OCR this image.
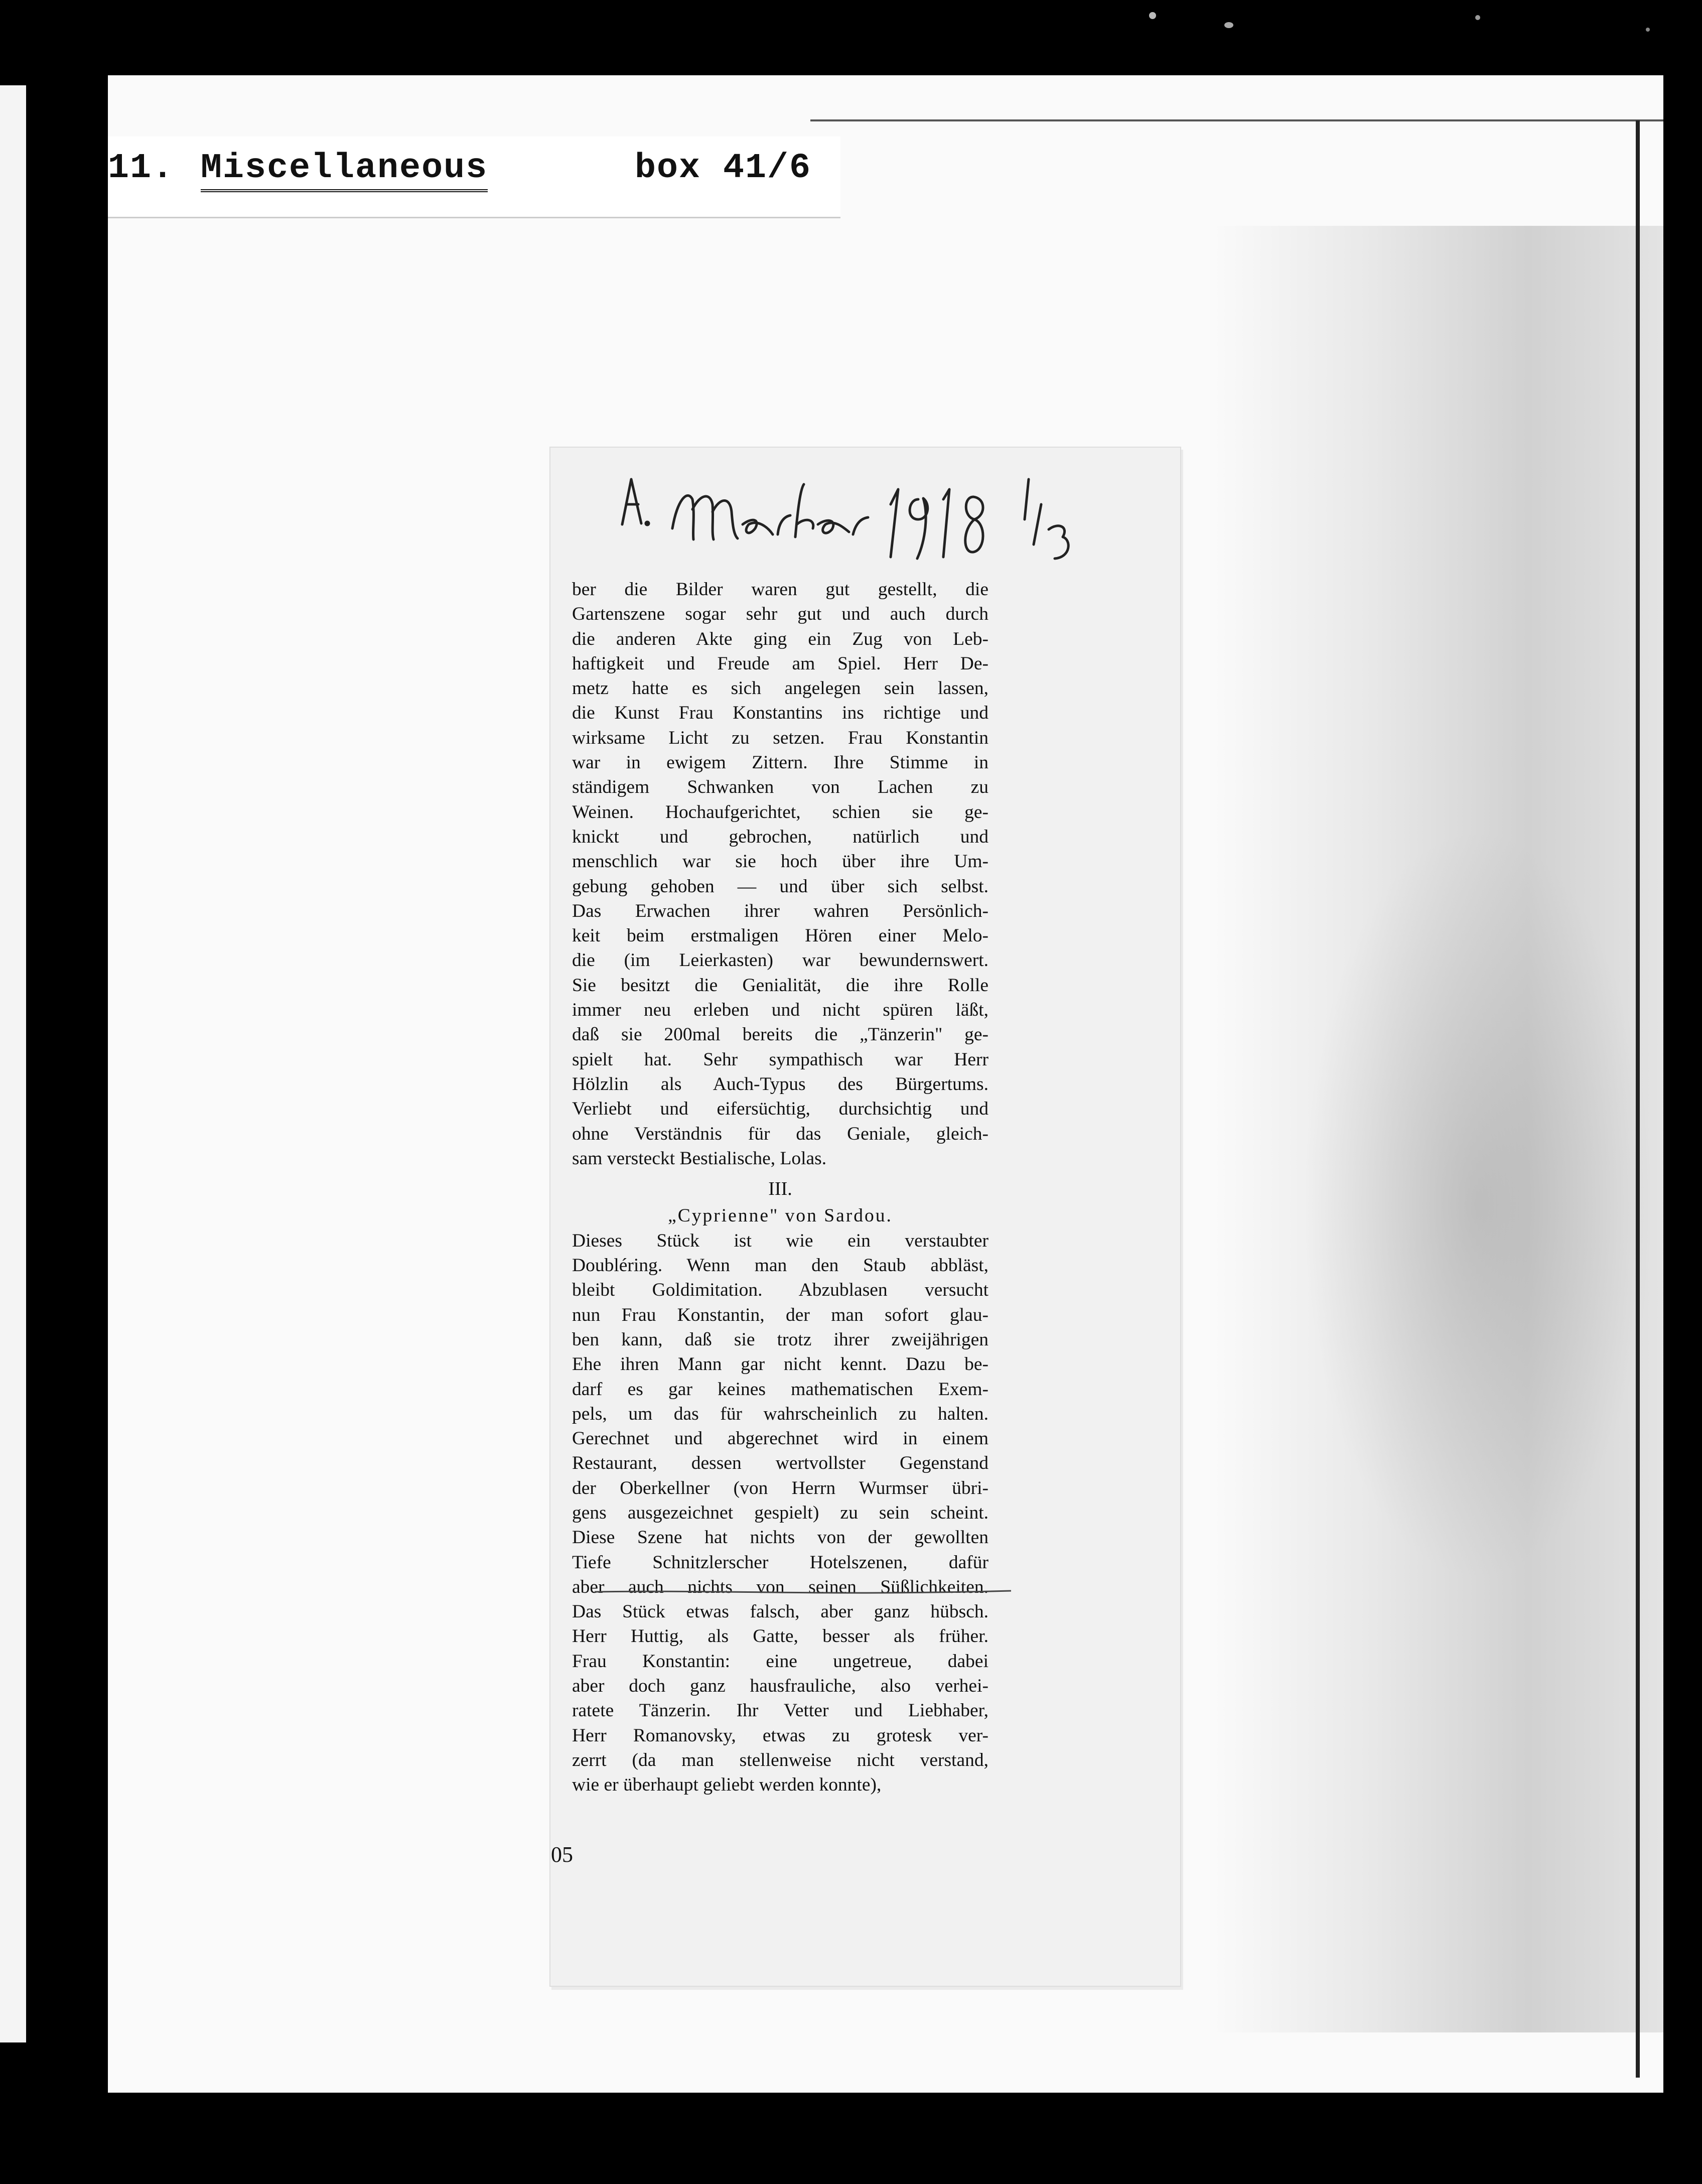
11. Miscellaneous	box 41/6
ber die Bilder waren gut gestellt, die
Gartenszene sogar sehr gut und auch durch
die anderen Akte ging ein Zug von Leb-
haftigkeit und Freude am Spiel. Herr De-
metz hatte es sich angelegen sein lassen,
die Kunst Frau Konstantins ins richtige und
wirksame Licht zu setzen. Frau Konstantin
war in ewigem Zittern. Ihre Stimme in
ständigem Schwanken von Lachen zu
Weinen. Hochaufgerichtet, schien sie ge-
knickt und gebrochen, natürlich und
menschlich war sie hoch über ihre Um-
gebung gehoben — und über sich selbst.
Das Erwachen ihrer wahren Persönlich-
keit beim erstmaligen Hören einer Melo-
die (im Leierkasten) war bewundernswert.
Sie besitzt die Genialität, die ihre Rolle
immer neu erleben und nicht spüren läßt,
daß sie 200mal bereits die „Tänzerin" ge-
spielt hat. Sehr sympathisch war Herr
Hölzlin als Auch-Typus des Bürgertums.
Verliebt und eifersüchtig, durchsichtig und
ohne Verständnis für das Geniale, gleich-
sam versteckt Bestialische, Lolas.
III.
„Cyprienne" von Sardou.
Dieses Stück ist wie ein verstaubter
Doubléring. Wenn man den Staub abbläst,
bleibt Goldimitation. Abzublasen versucht
nun Frau Konstantin, der man sofort glau-
ben kann, daß sie trotz ihrer zweijährigen
Ehe ihren Mann gar nicht kennt. Dazu be-
darf es gar keines mathematischen Exem-
pels, um das für wahrscheinlich zu halten.
Gerechnet und abgerechnet wird in einem
Restaurant, dessen wertvollster Gegenstand
der Oberkellner (von Herrn Wurmser übri-
gens ausgezeichnet gespielt) zu sein scheint.
Diese Szene hat nichts von der gewollten
Tiefe Schnitzlerscher Hotelszenen, dafür
aber auch nichts von seinen Süßlichkeiten.
Das Stück etwas falsch, aber ganz hübsch.
Herr Huttig, als Gatte, besser als früher.
Frau Konstantin: eine ungetreue, dabei
aber doch ganz hausfrauliche, also verhei-
ratete Tänzerin. Ihr Vetter und Liebhaber,
Herr Romanovsky, etwas zu grotesk ver-
zerrt (da man stellenweise nicht verstand,
wie er überhaupt geliebt werden konnte),
05
